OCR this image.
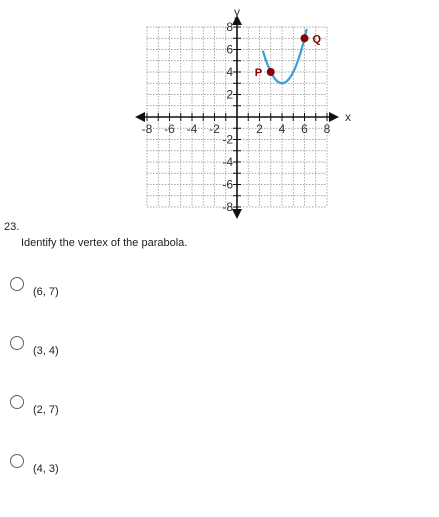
-8 -6 -4 -2	2 4 6 8
8
6
4
2
-2
-4
-6
-8
x
y
P
Q
23.
Identify the vertex of the parabola.
(6, 7)
(3, 4)
(2, 7)
(4, 3)
